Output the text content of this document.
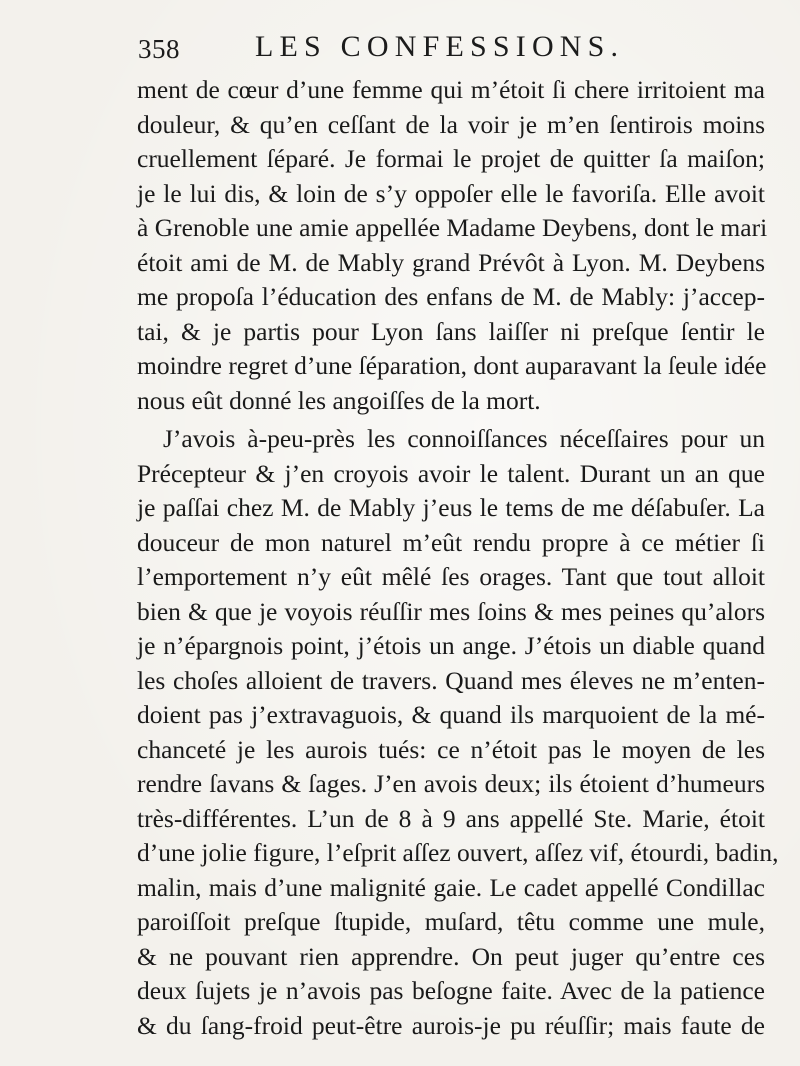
358	LES CONFESSIONS.
ment de cœur d’une femme qui m’étoit ſi chere irritoient ma
douleur, & qu’en ceſſant de la voir je m’en ſentirois moins
cruellement ſéparé. Je formai le projet de quitter ſa maiſon;
je le lui dis, & loin de s’y oppoſer elle le favoriſa. Elle avoit
à Grenoble une amie appellée Madame Deybens, dont le mari
étoit ami de M. de Mably grand Prévôt à Lyon. M. Deybens
me propoſa l’éducation des enfans de M. de Mably: j’accep-
tai, & je partis pour Lyon ſans laiſſer ni preſque ſentir le
moindre regret d’une ſéparation, dont auparavant la ſeule idée
nous eût donné les angoiſſes de la mort.
J’avois à-peu-près les connoiſſances néceſſaires pour un
Précepteur & j’en croyois avoir le talent. Durant un an que
je paſſai chez M. de Mably j’eus le tems de me déſabuſer. La
douceur de mon naturel m’eût rendu propre à ce métier ſi
l’emportement n’y eût mêlé ſes orages. Tant que tout alloit
bien & que je voyois réuſſir mes ſoins & mes peines qu’alors
je n’épargnois point, j’étois un ange. J’étois un diable quand
les choſes alloient de travers. Quand mes éleves ne m’enten-
doient pas j’extravaguois, & quand ils marquoient de la mé-
chanceté je les aurois tués: ce n’étoit pas le moyen de les
rendre ſavans & ſages. J’en avois deux; ils étoient d’humeurs
très-différentes. L’un de 8 à 9 ans appellé Ste. Marie, étoit
d’une jolie figure, l’eſprit aſſez ouvert, aſſez vif, étourdi, badin,
malin, mais d’une malignité gaie. Le cadet appellé Condillac
paroiſſoit preſque ſtupide, muſard, têtu comme une mule,
& ne pouvant rien apprendre. On peut juger qu’entre ces
deux ſujets je n’avois pas beſogne faite. Avec de la patience
& du ſang-froid peut-être aurois-je pu réuſſir; mais faute de
